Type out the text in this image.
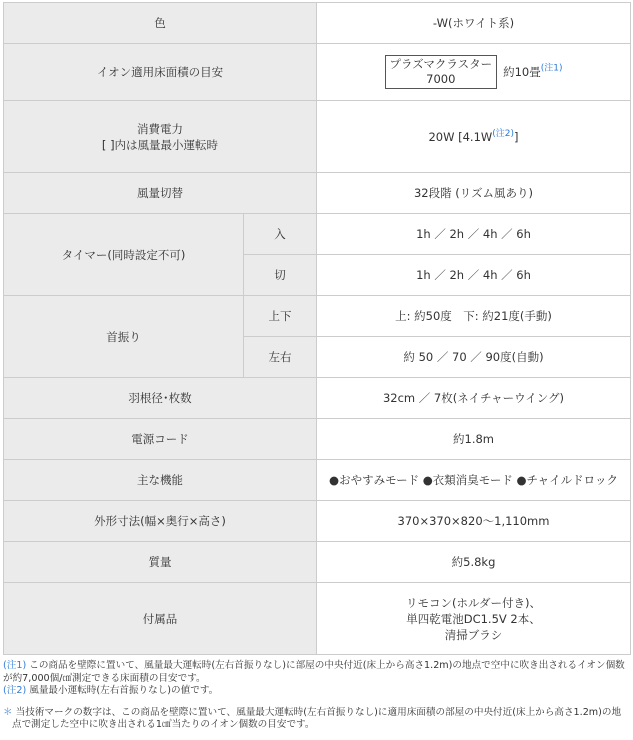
色		-W(ホワイト系)
イオン適用床面積の目安		プラズマクラスター
7000 約10畳$^{(注1)}$

消費電力
[ ]内は風量最小運転時		20W [4.1W$^{(注2)}$]
風量切替		32段階 (リズム風あり)
タイマー(同時設定不可)	入	1h ／ 2h ／ 4h ／ 6h
	切	1h ／ 2h ／ 4h ／ 6h
首振り	上下	上: 約50度　下: 約21度(手動)
	左右	約 50 ／ 70 ／ 90度(自動)
羽根径･枚数		32cm ／ 7枚(ネイチャーウイング)
電源コード		約1.8m
主な機能		●おやすみモード ●衣類消臭モード ●チャイルドロック
外形寸法(幅×奥行×高さ)		370×370×820～1,110mm
質量		約5.8kg
付属品		リモコン(ホルダー付き)、
単四乾電池DC1.5V 2本、
清掃ブラシ

(注1) この商品を壁際に置いて、風量最大運転時(左右首振りなし)に部屋の中央付近(床上から高さ1.2m)の地点で空中に吹き出されるイオン個数が約7,000個/㎤測定できる床面積の目安です。

(注2) 風量最小運転時(左右首振りなし)の値です。

＊ 当技術マークの数字は、この商品を壁際に置いて、風量最大運転時(左右首振りなし)に適用床面積の部屋の中央付近(床上から高さ1.2m)の地点で測定した空中に吹き出される1㎤当たりのイオン個数の目安です。
